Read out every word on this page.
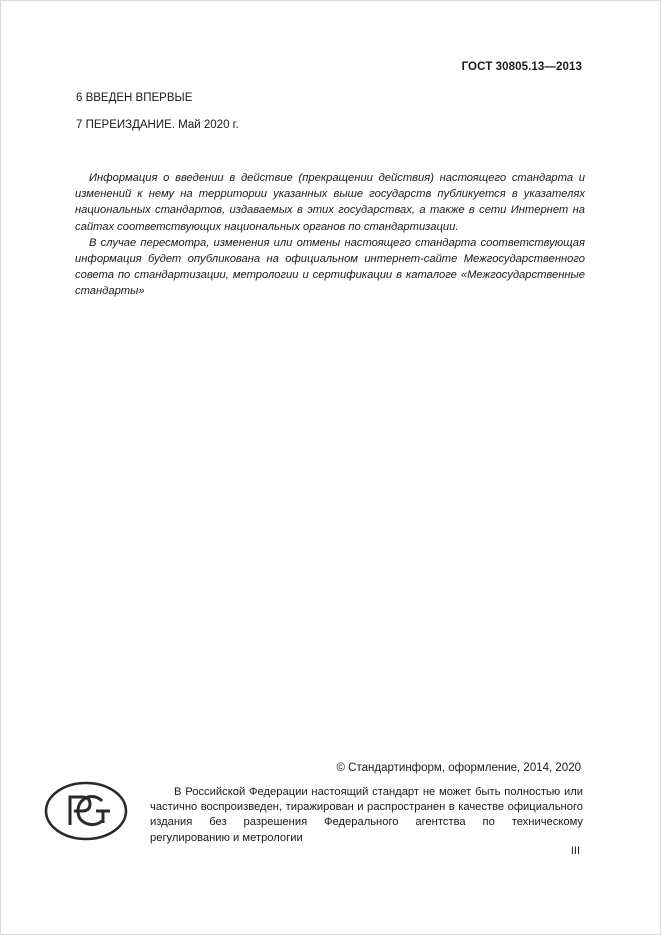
ГОСТ 30805.13—2013
6 ВВЕДЕН ВПЕРВЫЕ
7 ПЕРЕИЗДАНИЕ. Май 2020 г.

Информация о введении в действие (прекращении действия) настоящего стандарта и изменений к нему на территории указанных выше государств публикуется в указателях национальных стандартов, издаваемых в этих государствах, а также в сети Интернет на сайтах соответствующих национальных органов по стандартизации.

В случае пересмотра, изменения или отмены настоящего стандарта соответствующая информация будет опубликована на официальном интернет-сайте Межгосударственного совета по стандартизации, метрологии и сертификации в каталоге «Межгосударственные стандарты»

© Стандартинформ, оформление, 2014, 2020

В Российской Федерации настоящий стандарт не может быть полностью или частично воспроизведен, тиражирован и распространен в качестве официального издания без разрешения Федерального агентства по техническому регулированию и метрологии

III
